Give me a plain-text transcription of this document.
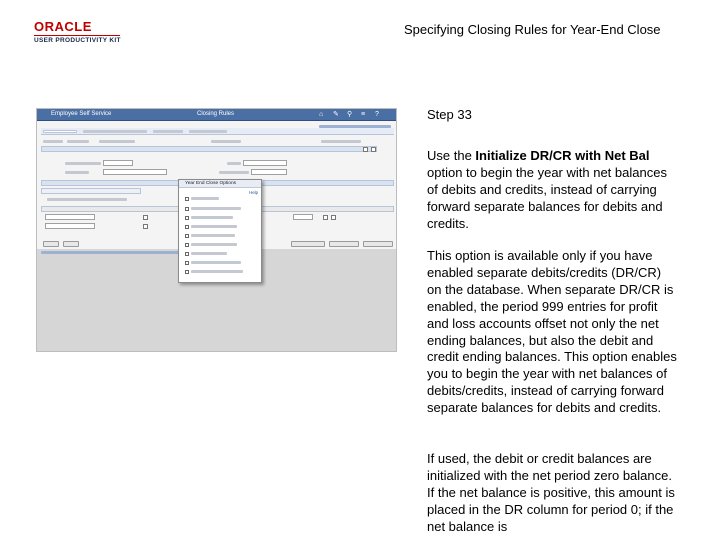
ORACLE
USER PRODUCTIVITY KIT
Specifying Closing Rules for Year-End Close
Employee Self Service	Closing Rules	⌂	✎ ⚲ ≡	?
Year End Close Options
Help
Step 33
Use the Initialize DR/CR with Net Bal option to begin the year with net balances of debits and credits, instead of carrying forward separate balances for debits and credits.
This option is available only if you have enabled separate debits/credits (DR/CR) on the database. When separate DR/CR is enabled, the period 999 entries for profit and loss accounts offset not only the net ending balances, but also the debit and credit ending balances. This option enables you to begin the year with net balances of debits/credits, instead of carrying forward separate balances for debits and credits.
If used, the debit or credit balances are initialized with the net period zero balance. If the net balance is positive, this amount is placed in the DR column for period 0; if the net balance is
